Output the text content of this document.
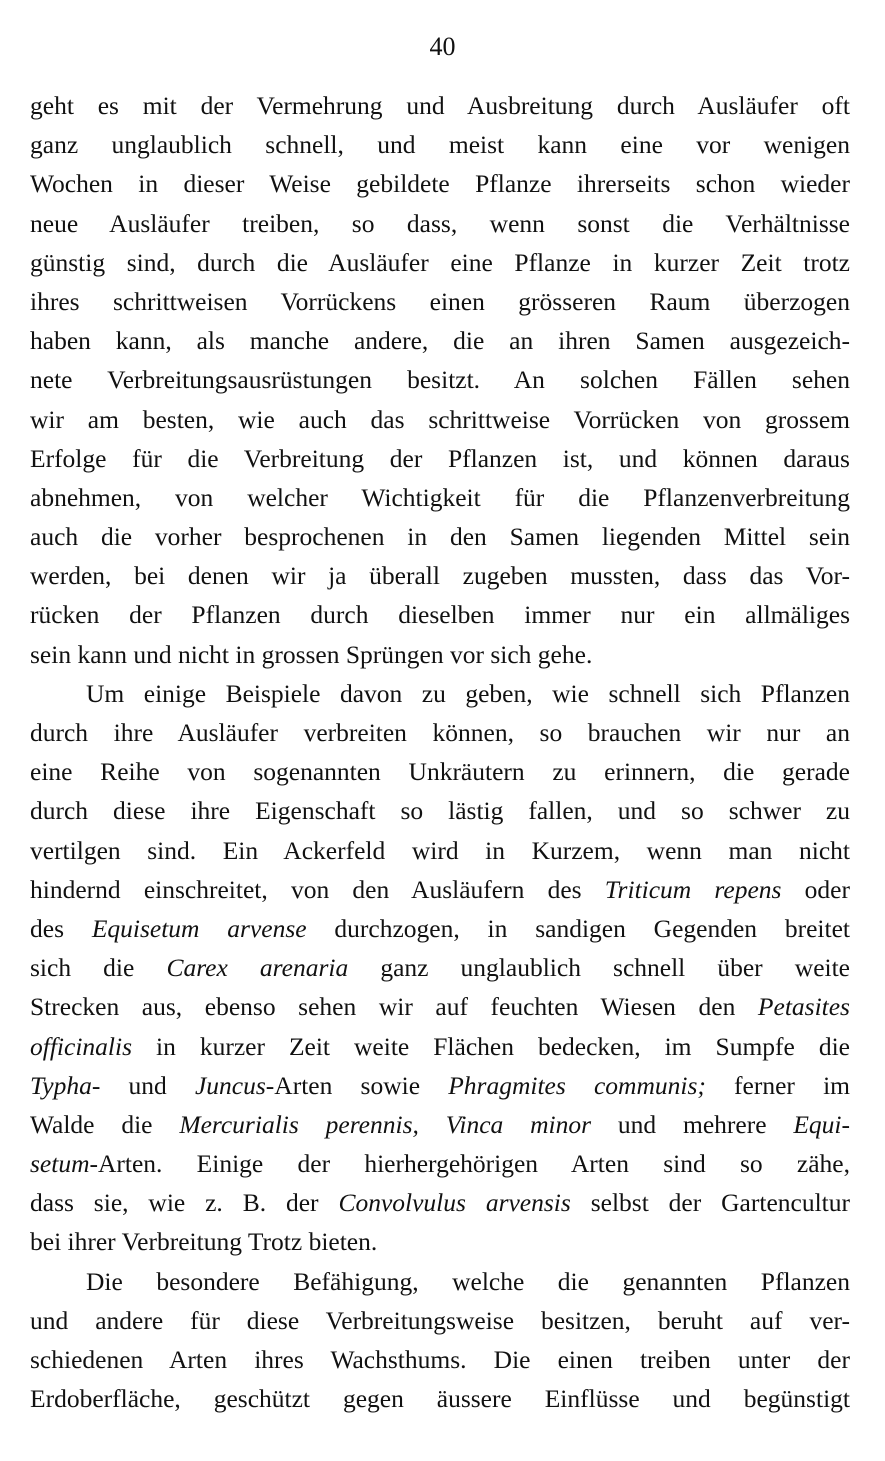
40
geht es mit der Vermehrung und Ausbreitung durch Ausläufer oft
ganz unglaublich schnell, und meist kann eine vor wenigen
Wochen in dieser Weise gebildete Pflanze ihrerseits schon wieder
neue Ausläufer treiben, so dass, wenn sonst die Verhältnisse
günstig sind, durch die Ausläufer eine Pflanze in kurzer Zeit trotz
ihres schrittweisen Vorrückens einen grösseren Raum überzogen
haben kann, als manche andere, die an ihren Samen ausgezeich-
nete Verbreitungsausrüstungen besitzt. An solchen Fällen sehen
wir am besten, wie auch das schrittweise Vorrücken von grossem
Erfolge für die Verbreitung der Pflanzen ist, und können daraus
abnehmen, von welcher Wichtigkeit für die Pflanzenverbreitung
auch die vorher besprochenen in den Samen liegenden Mittel sein
werden, bei denen wir ja überall zugeben mussten, dass das Vor-
rücken der Pflanzen durch dieselben immer nur ein allmäliges
sein kann und nicht in grossen Sprüngen vor sich gehe.
Um einige Beispiele davon zu geben, wie schnell sich Pflanzen
durch ihre Ausläufer verbreiten können, so brauchen wir nur an
eine Reihe von sogenannten Unkräutern zu erinnern, die gerade
durch diese ihre Eigenschaft so lästig fallen, und so schwer zu
vertilgen sind. Ein Ackerfeld wird in Kurzem, wenn man nicht
hindernd einschreitet, von den Ausläufern des Triticum repens oder
des Equisetum arvense durchzogen, in sandigen Gegenden breitet
sich die Carex arenaria ganz unglaublich schnell über weite
Strecken aus, ebenso sehen wir auf feuchten Wiesen den Petasites
officinalis in kurzer Zeit weite Flächen bedecken, im Sumpfe die
Typha- und Juncus-Arten sowie Phragmites communis; ferner im
Walde die Mercurialis perennis, Vinca minor und mehrere Equi-
setum-Arten. Einige der hierhergehörigen Arten sind so zähe,
dass sie, wie z. B. der Convolvulus arvensis selbst der Gartencultur
bei ihrer Verbreitung Trotz bieten.
Die besondere Befähigung, welche die genannten Pflanzen
und andere für diese Verbreitungsweise besitzen, beruht auf ver-
schiedenen Arten ihres Wachsthums. Die einen treiben unter der
Erdoberfläche, geschützt gegen äussere Einflüsse und begünstigt
